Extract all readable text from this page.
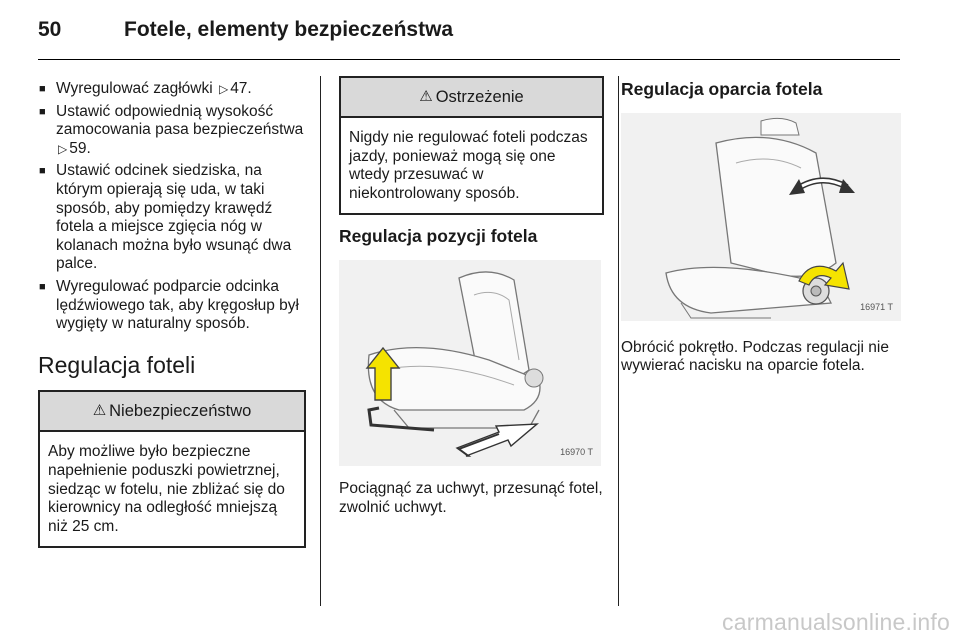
50	Fotele, elementy bezpieczeństwa
■ Wyregulować zagłówki ▷ 47.
■ Ustawić odpowiednią wysokość zamocowania pasa bezpieczeństwa ▷ 59.
■ Ustawić odcinek siedziska, na którym opierają się uda, w taki sposób, aby pomiędzy krawędź fotela a miejsce zgięcia nóg w kolanach można było wsunąć dwa palce.
■ Wyregulować podparcie odcinka lędźwiowego tak, aby kręgosłup był wygięty w naturalny sposób.
Regulacja foteli
⚠ Niebezpieczeństwo
Aby możliwe było bezpieczne napełnienie poduszki powietrznej, siedząc w fotelu, nie zbliżać się do kierownicy na odległość mniejszą niż 25 cm.
⚠ Ostrzeżenie
Nigdy nie regulować foteli podczas jazdy, ponieważ mogą się one wtedy przesuwać w niekontrolowany sposób.
Regulacja pozycji fotela
16970 T
Pociągnąć za uchwyt, przesunąć fotel, zwolnić uchwyt.
Regulacja oparcia fotela
16971 T
Obrócić pokrętło. Podczas regulacji nie wywierać nacisku na oparcie fotela.
carmanualsonline.info
